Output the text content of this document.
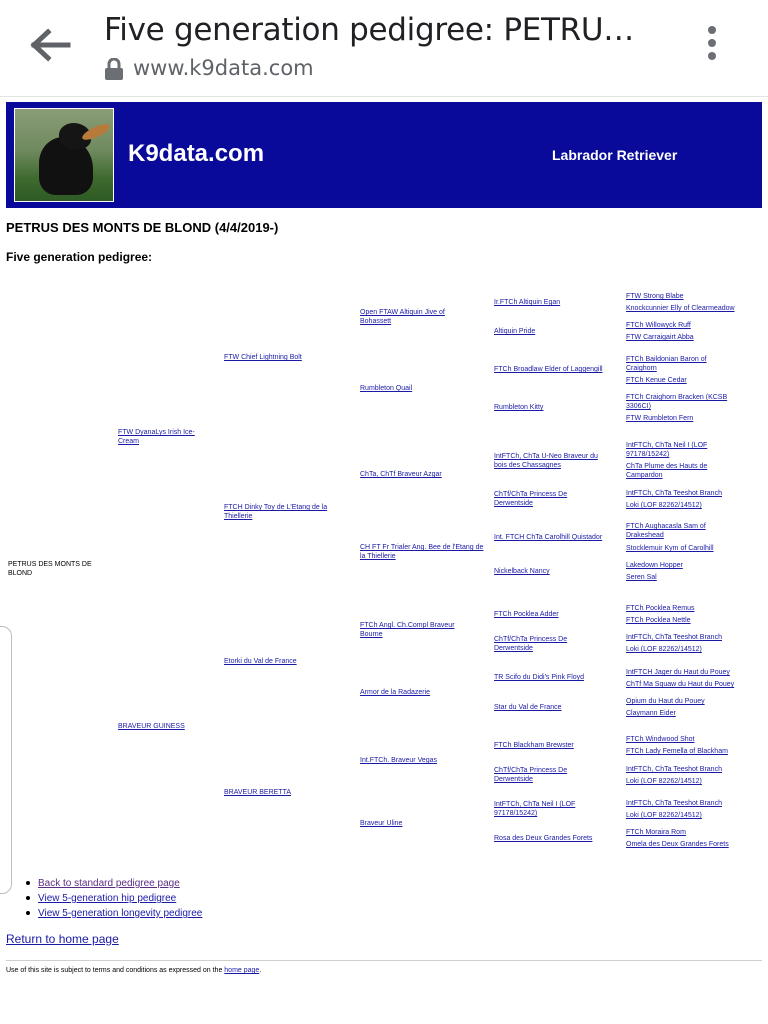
Five generation pedigree: PETRU…
www.k9data.com
K9data.com	Labrador Retriever
PETRUS DES MONTS DE BLOND (4/4/2019-)
Five generation pedigree:
PETRUS DES MONTS DE BLOND
FTW DyanaLys Irish Ice-Cream
BRAVEUR GUINESS
FTW Chief Lightning Bolt
FTCH Dinky Toy de L'Etang de la Thiellerie
Etorki du Val de France
BRAVEUR BERETTA
Open FTAW Altiquin Jive of Bohassett
Rumbleton Quail
ChTa, ChTf Braveur Azgar
CH FT Fr Trialer Ang. Bee de l'Etang de la Thiellerie
FTCh Angl. Ch.Compl Braveur Bourne
Armor de la Radazerie
Int.FTCh. Braveur Vegas
Braveur Uline
Ir.FTCh Altiquin Egan
Altiquin Pride
FTCh Broadlaw Elder of Laggengill
Rumbleton Kitty
IntFTCh, ChTa U-Neo Braveur du bois des Chassagnes
ChTf/ChTa Princess De Derwentside
Int. FTCH ChTa Carolhill Quistador
Nickelback Nancy
FTCh Pocklea Adder
ChTf/ChTa Princess De Derwentside
TR Scifo du Didi's Pink Floyd
Star du Val de France
FTCh Blackham Brewster
ChTf/ChTa Princess De Derwentside
IntFTCh, ChTa Neil I (LOF 97178/15242)
Rosa des Deux Grandes Forets
FTW Strong Blabe
Knockcunnier Elly of Clearmeadow
FTCh Willowyck Ruff
FTW Carraigairt Abba
FTCh Baildonian Baron of Craighorn
FTCh Kenue Cedar
FTCh Craighorn Bracken (KCSB 3306CI)
FTW Rumbleton Fern
IntFTCh, ChTa Neil I (LOF 97178/15242)
ChTa Plume des Hauts de Campardon
IntFTCh, ChTa Teeshot Branch
Loki (LOF 82262/14512)
FTCh Aughacasla Sam of Drakeshead
Stocklemuir Kym of Carolhill
Lakedown Hopper
Seren Sal
FTCh Pocklea Remus
FTCh Pocklea Nettle
IntFTCh, ChTa Teeshot Branch
Loki (LOF 82262/14512)
IntFTCH Jager du Haut du Pouey
ChTf Ma Squaw du Haut du Pouey
Opium du Haut du Pouey
Claymann Eider
FTCh Windwood Shot
FTCh Lady Femella of Blackham
IntFTCh, ChTa Teeshot Branch
Loki (LOF 82262/14512)
IntFTCh, ChTa Teeshot Branch
Loki (LOF 82262/14512)
FTCh Moraira Rom
Omela des Deux Grandes Forets
Back to standard pedigree page
View 5-generation hip pedigree
View 5-generation longevity pedigree
Return to home page
Use of this site is subject to terms and conditions as expressed on the home page.
